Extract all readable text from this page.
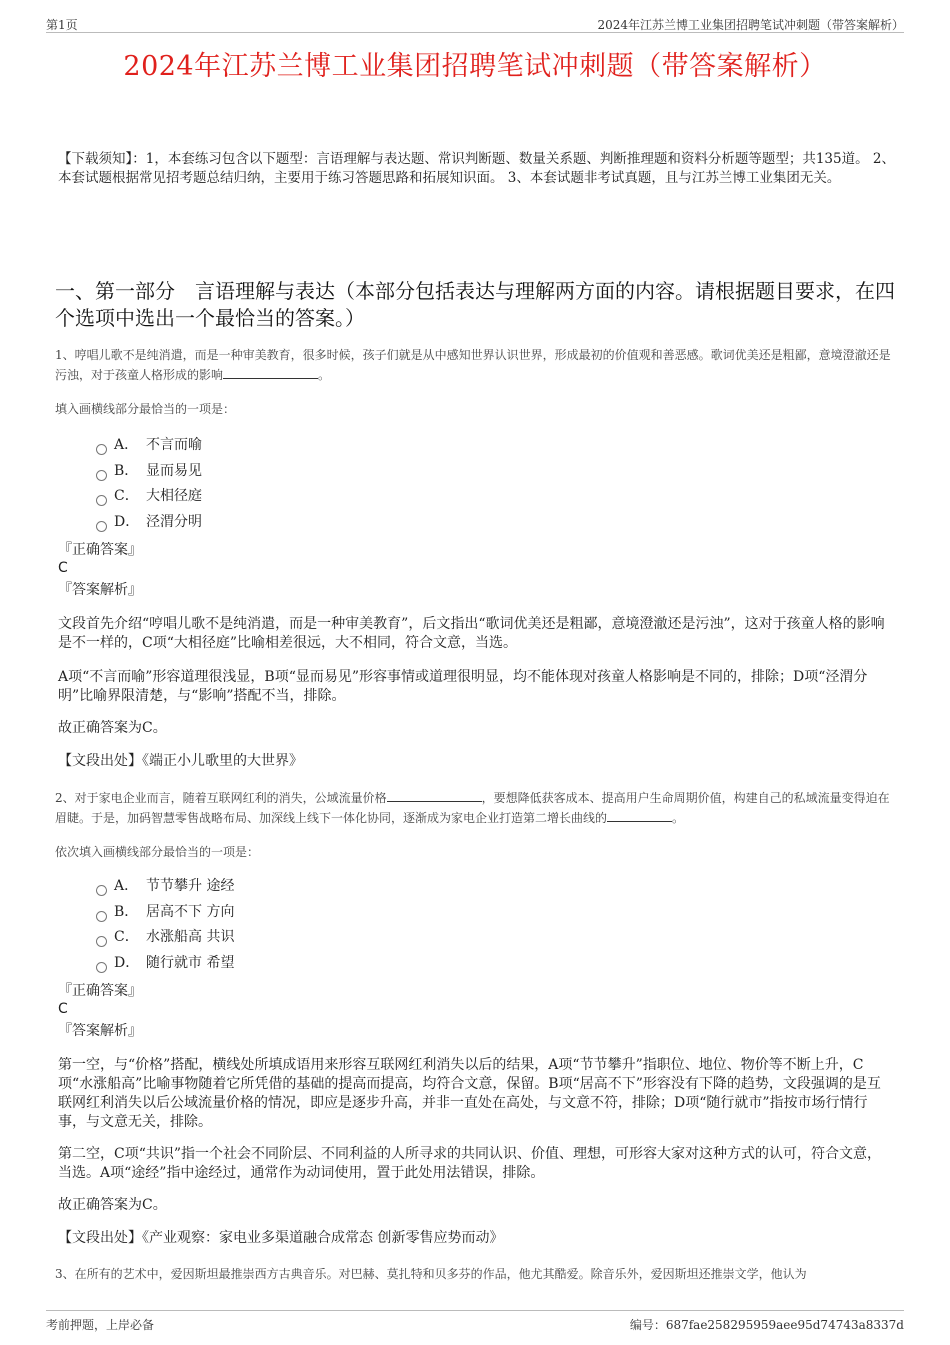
第1页	2024年江苏兰博工业集团招聘笔试冲刺题（带答案解析）
2024年江苏兰博工业集团招聘笔试冲刺题（带答案解析）
【下载须知】：1，本套练习包含以下题型：言语理解与表达题、常识判断题、数量关系题、判断推理题和资料分析题等题型；共135道。 2、本套试题根据常见招考题总结归纳，主要用于练习答题思路和拓展知识面。 3、本套试题非考试真题，且与江苏兰博工业集团无关。
一、第一部分　言语理解与表达（本部分包括表达与理解两方面的内容。请根据题目要求，在四个选项中选出一个最恰当的答案。）
1、哼唱儿歌不是纯消遣，而是一种审美教育，很多时候，孩子们就是从中感知世界认识世界，形成最初的价值观和善恶感。歌词优美还是粗鄙，意境澄澈还是污浊，对于孩童人格形成的影响	。
填入画横线部分最恰当的一项是：
A． 不言而喻
B． 显而易见
C． 大相径庭
D． 泾渭分明
『正确答案』
C
『答案解析』
文段首先介绍“哼唱儿歌不是纯消遣，而是一种审美教育”，后文指出“歌词优美还是粗鄙，意境澄澈还是污浊”，这对于孩童人格的影响是不一样的，C项“大相径庭”比喻相差很远，大不相同，符合文意，当选。
A项“不言而喻”形容道理很浅显，B项“显而易见”形容事情或道理很明显，均不能体现对孩童人格影响是不同的，排除；D项“泾渭分明”比喻界限清楚，与“影响”搭配不当，排除。
故正确答案为C。
【文段出处】《端正小儿歌里的大世界》
2、对于家电企业而言，随着互联网红利的消失，公域流量价格	，要想降低获客成本、提高用户生命周期价值，构建自己的私域流量变得迫在眉睫。于是，加码智慧零售战略布局、加深线上线下一体化协同，逐渐成为家电企业打造第二增长曲线的	。
依次填入画横线部分最恰当的一项是：
A． 节节攀升 途经
B． 居高不下 方向
C． 水涨船高 共识
D． 随行就市 希望
『正确答案』
C
『答案解析』
第一空，与“价格”搭配，横线处所填成语用来形容互联网红利消失以后的结果，A项“节节攀升”指职位、地位、物价等不断上升，C项“水涨船高”比喻事物随着它所凭借的基础的提高而提高，均符合文意，保留。B项“居高不下”形容没有下降的趋势，文段强调的是互联网红利消失以后公域流量价格的情况，即应是逐步升高，并非一直处在高处，与文意不符，排除；D项“随行就市”指按市场行情行事，与文意无关，排除。
第二空，C项“共识”指一个社会不同阶层、不同利益的人所寻求的共同认识、价值、理想，可形容大家对这种方式的认可，符合文意，当选。A项“途经”指中途经过，通常作为动词使用，置于此处用法错误，排除。
故正确答案为C。
【文段出处】《产业观察：家电业多渠道融合成常态 创新零售应势而动》
3、在所有的艺术中，爱因斯坦最推崇西方古典音乐。对巴赫、莫扎特和贝多芬的作品，他尤其酷爱。除音乐外，爱因斯坦还推崇文学，他认为
考前押题，上岸必备	编号：687fae258295959aee95d74743a8337d
